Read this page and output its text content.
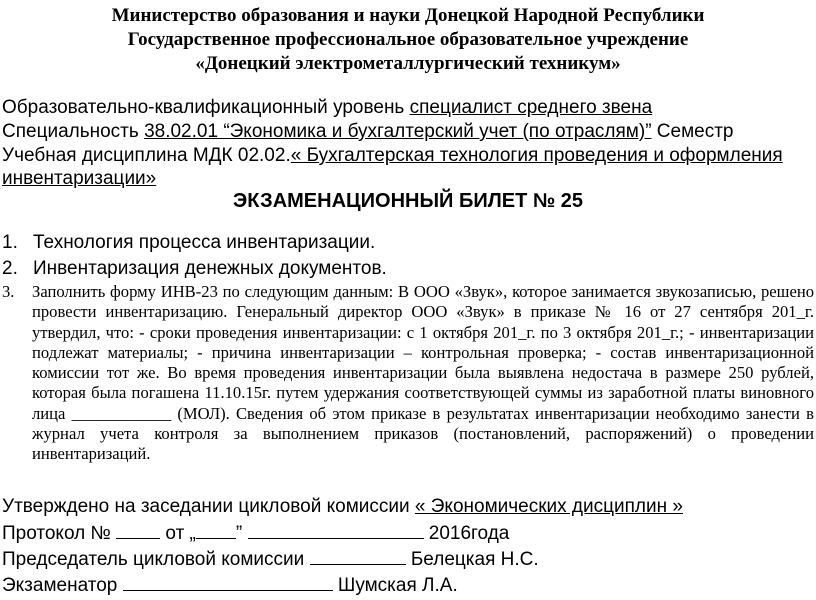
Министерство образования и науки Донецкой Народной Республики
Государственное профессиональное образовательное учреждение
«Донецкий электрометаллургический техникум»
Образовательно-квалификационный уровень специалист среднего звена
Специальность 38.02.01 “Экономика и бухгалтерский учет (по отраслям)” Семестр
Учебная дисциплина МДК 02.02.« Бухгалтерская технология проведения и оформления
инвентаризации»
ЭКЗАМЕНАЦИОННЫЙ БИЛЕТ № 25
1. Технология процесса инвентаризации.
2. Инвентаризация денежных документов.
3. Заполнить форму ИНВ-23 по следующим данным: В ООО «Звук», которое занимается звукозаписью, решено провести инвентаризацию. Генеральный директор ООО «Звук» в приказе № 16 от 27 сентября 201_г. утвердил, что: - сроки проведения инвентаризации: с 1 октября 201_г. по 3 октября 201_г.; - инвентаризации подлежат материалы; - причина инвентаризации – контрольная проверка; - состав инвентаризационной комиссии тот же. Во время проведения инвентаризации была выявлена недостача в размере 250 рублей, которая была погашена 11.10.15г. путем удержания соответствующей суммы из заработной платы виновного лица ____________ (МОЛ). Сведения об этом приказе в результатах инвентаризации необходимо занести в журнал учета контроля за выполнением приказов (постановлений, распоряжений) о проведении инвентаризаций.
Утверждено на заседании цикловой комиссии « Экономических дисциплин »
Протокол №  от „ ”	2016года
Председатель цикловой комиссии	Белецкая Н.С.
Экзаменатор	Шумская Л.А.
